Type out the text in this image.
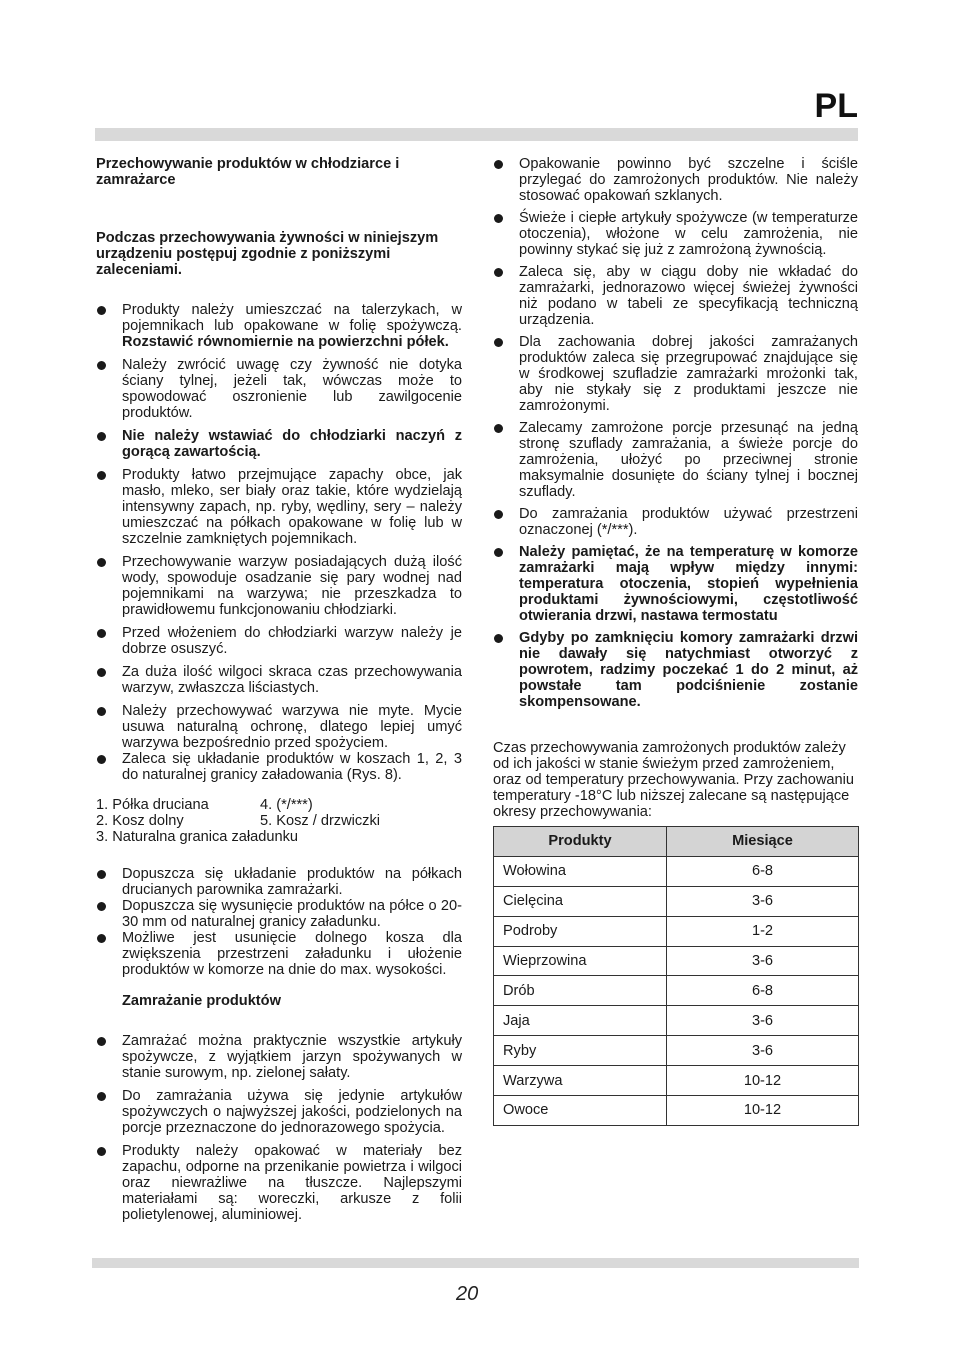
PL
Przechowywanie produktów w chłodziarce i zamrażarce
Podczas przechowywania żywności w niniejszym urządzeniu postępuj zgodnie z poniższymi zaleceniami.
Produkty należy umieszczać na talerzykach, w pojemnikach lub opakowane w folię spożywczą. Rozstawić równomiernie na powierzchni półek.
Należy zwrócić uwagę czy żywność nie dotyka ściany tylnej, jeżeli tak, wówczas może to spowodować oszronienie lub zawilgocenie produktów.
Nie należy wstawiać do chłodziarki naczyń z gorącą zawartością.
Produkty łatwo przejmujące zapachy obce, jak masło, mleko, ser biały oraz takie, które wydzielają intensywny zapach, np. ryby, wędliny, sery – należy umieszczać na półkach opakowane w folię lub w szczelnie zamkniętych pojemnikach.
Przechowywanie warzyw posiadających dużą ilość wody, spowoduje osadzanie się pary wodnej nad pojemnikami na warzywa; nie przeszkadza to prawidłowemu funkcjonowaniu chłodziarki.
Przed włożeniem do chłodziarki warzyw należy je dobrze osuszyć.
Za duża ilość wilgoci skraca czas przechowywania warzyw, zwłaszcza liściastych.
Należy przechowywać warzywa nie myte. Mycie usuwa naturalną ochronę, dlatego lepiej umyć warzywa bezpośrednio przed spożyciem.
Zaleca się układanie produktów w koszach 1, 2, 3 do naturalnej granicy załadowania (Rys. 8).
1. Półka druciana	4. (*/***)
2. Kosz dolny	5. Kosz / drzwiczki
3. Naturalna granica załadunku
Dopuszcza się układanie produktów na półkach drucianych parownika zamrażarki.
Dopuszcza się wysunięcie produktów na półce o 20-30 mm od naturalnej granicy załadunku.
Możliwe jest usunięcie dolnego kosza dla zwiększenia przestrzeni załadunku i ułożenie produktów w komorze na dnie do max. wysokości.
Zamrażanie produktów
Zamrażać można praktycznie wszystkie artykuły spożywcze, z wyjątkiem jarzyn spożywanych w stanie surowym, np. zielonej sałaty.
Do zamrażania używa się jedynie artykułów spożywczych o najwyższej jakości, podzielonych na porcje przeznaczone do jednorazowego spożycia.
Produkty należy opakować w materiały bez zapachu, odporne na przenikanie powietrza i wilgoci oraz niewrażliwe na tłuszcze. Najlepszymi materiałami są: woreczki, arkusze z folii polietylenowej, aluminiowej.
Opakowanie powinno być szczelne i ściśle przylegać do zamrożonych produktów. Nie należy stosować opakowań szklanych.
Świeże i ciepłe artykuły spożywcze (w temperaturze otoczenia), włożone w celu zamrożenia, nie powinny stykać się już z zamrożoną żywnością.
Zaleca się, aby w ciągu doby nie wkładać do zamrażarki, jednorazowo więcej świeżej żywności niż podano w tabeli ze specyfikacją techniczną urządzenia.
Dla zachowania dobrej jakości zamrażanych produktów zaleca się przegrupować znajdujące się w środkowej szufladzie zamrażarki mrożonki tak, aby nie stykały się z produktami jeszcze nie zamrożonymi.
Zalecamy zamrożone porcje przesunąć na jedną stronę szuflady zamrażania, a świeże porcje do zamrożenia, ułożyć po przeciwnej stronie maksymalnie dosunięte do ściany tylnej i bocznej szuflady.
Do zamrażania produktów używać przestrzeni oznaczonej (*/***).
Należy pamiętać, że na temperaturę w komorze zamrażarki mają wpływ między innymi: temperatura otoczenia, stopień wypełnienia produktami żywnościowymi, częstotliwość otwierania drzwi, nastawa termostatu
Gdyby po zamknięciu komory zamrażarki drzwi nie dawały się natychmiast otworzyć z powrotem, radzimy poczekać 1 do 2 minut, aż powstałe tam podciśnienie zostanie skompensowane.
Czas przechowywania zamrożonych produktów zależy od ich jakości w stanie świeżym przed zamrożeniem, oraz od temperatury przechowywania. Przy zachowaniu temperatury -18°C lub niższej zalecane są następujące okresy przechowywania:
Produkty	Miesiące
Wołowina	6-8
Cielęcina	3-6
Podroby	1-2
Wieprzowina	3-6
Drób	6-8
Jaja	3-6
Ryby	3-6
Warzywa	10-12
Owoce	10-12
20
